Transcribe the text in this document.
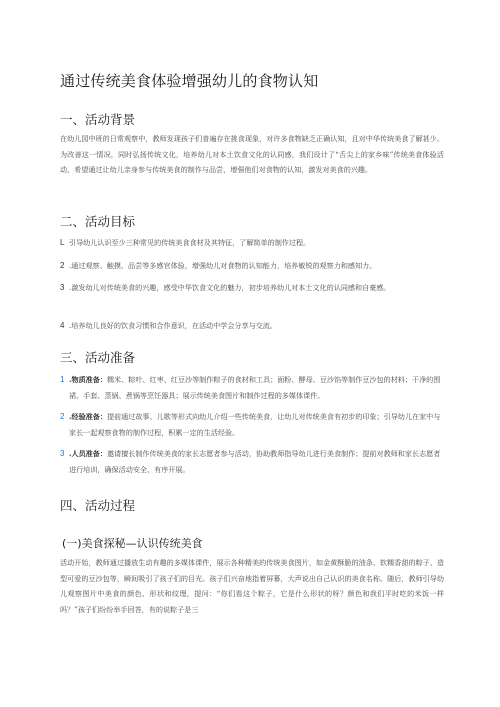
通过传统美食体验增强幼儿的食物认知
一、活动背景

在幼儿园中班的日常观察中，教师发现孩子们普遍存在挑食现象，对许多食物缺乏正确认知，且对中华传统美食了解甚少。为改善这一情况，同时弘扬传统文化，培养幼儿对本土饮食文化的认同感，我们设计了“舌尖上的家乡味”传统美食体验活动，希望通过让幼儿亲身参与传统美食的制作与品尝，增强他们对食物的认知，激发对美食的兴趣。

二、活动目标
L 引导幼儿认识至少三种常见的传统美食食材及其特征，了解简单的制作过程。
2 .通过观察、触摸、品尝等多感官体验，增强幼儿对食物的认知能力，培养敏锐的观察力和感知力。
3 .激发幼儿对传统美食的兴趣，感受中华饮食文化的魅力，初步培养幼儿对本土文化的认同感和自豪感。
4 .培养幼儿良好的饮食习惯和合作意识，在活动中学会分享与交流。
三、活动准备
1 .物质准备：糯米、粽叶、红枣、红豆沙等制作粽子的食材和工具；面粉、酵母、豆沙馅等制作豆沙包的材料；干净的围裙、手套、蒸锅、煮锅等烹饪器具；展示传统美食图片和制作过程的多媒体课件。
2 .经验准备：提前通过故事、儿歌等形式向幼儿介绍一些传统美食，让幼儿对传统美食有初步的印象；引导幼儿在家中与家长一起观察食物的制作过程，积累一定的生活经验。
3 .人员准备：邀请擅长制作传统美食的家长志愿者参与活动，协助教师指导幼儿进行美食制作；提前对教师和家长志愿者进行培训，确保活动安全、有序开展。
四、活动过程
(一)美食探秘—认识传统美食

活动开始，教师通过播放生动有趣的多媒体课件，展示各种精美的传统美食图片，如金黄酥脆的油条、软糯香甜的粽子、造型可爱的豆沙包等，瞬间吸引了孩子们的目光。孩子们兴奋地指着屏幕，大声说出自己认识的美食名称。随后，教师引导幼儿观察图片中美食的颜色、形状和纹理，提问：“你们看这个粽子，它是什么形状的呀？颜色和我们平时吃的米饭一样吗？”孩子们纷纷举手回答，有的说粽子是三
